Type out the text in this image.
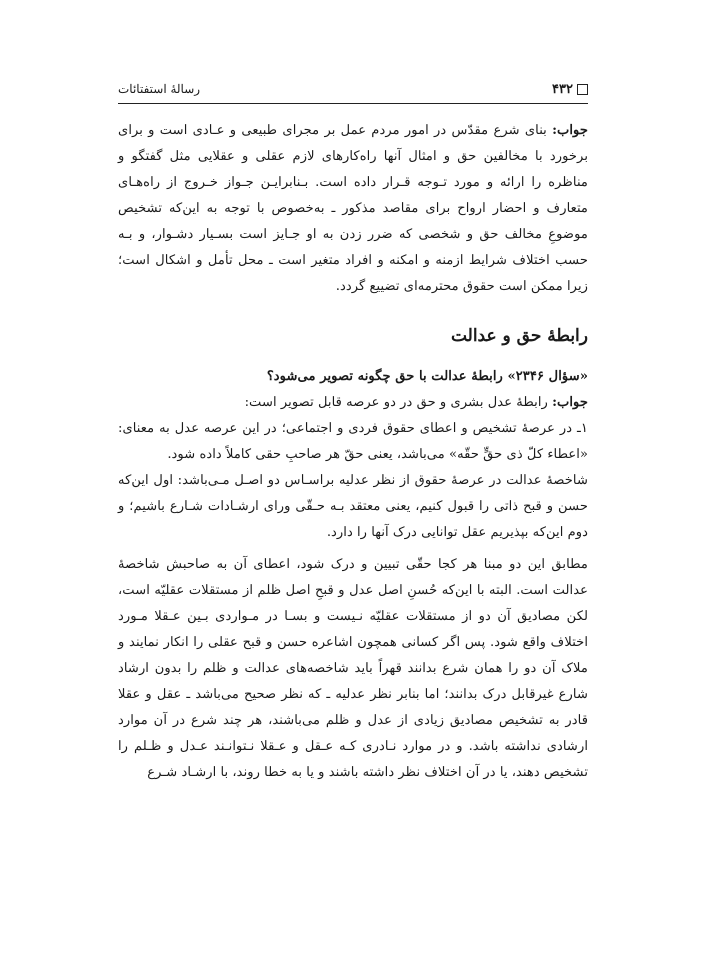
۴۳۲
رسالهٔ استفتائات

جواب: بنای شرع مقدّس در امور مردم عمل بر مجرای طبیعی و عـادی است و برای برخورد با مخالفین حق و امثال آنها راه‌کارهای لازم عقلی و عقلایی مثل گفتگو و مناظره را ارائه و مورد تـوجه قـرار داده است. بـنابرایـن جـواز خـروج از راه‌هـای متعارف و احضار ارواح برای مقاصد مذکور ـ به‌خصوص با توجه به این‌که تشخیص موضوعِ مخالف حق و شخصی که ضرر زدن به او جـایز است بسـیار دشـوار، و بـه حسب اختلاف شرایط ازمنه و امکنه و افراد متغیر است ـ محل تأمل و اشکال است؛ زیرا ممکن است حقوق محترمه‌ای تضییع گردد.

رابطهٔ حق و عدالت

«سؤال ۲۳۴۶» رابطهٔ عدالت با حق چگونه تصویر می‌شود؟

جواب: رابطهٔ عدل بشری و حق در دو عرصه قابل تصویر است:

۱ـ در عرصهٔ تشخیص و اعطای حقوق فردی و اجتماعی؛ در این عرصه عدل به معنای: «اعطاء کلّ ذی حقٍّ حقّه» می‌باشد، یعنی حقّ هر صاحبِ حقی کاملاً داده شود.

شاخصهٔ عدالت در عرصهٔ حقوق از نظر عدلیه براسـاس دو اصـل مـی‌باشد: اول این‌که حسن و قبح ذاتی را قبول کنیم، یعنی معتقد بـه حـقّی ورای ارشـادات شـارع باشیم؛ و دوم این‌که بپذیریم عقل توانایی درک آنها را دارد.

مطابق این دو مبنا هر کجا حقّی تبیین و درک شود، اعطای آن به صاحبش شاخصهٔ عدالت است. البته با این‌که حُسنِ اصل عدل و قبحِ اصل ظلم از مستقلات عقلیّه است، لکن مصادیق آن دو از مستقلات عقلیّه نـیست و بسـا در مـواردی بـین عـقلا مـورد اختلاف واقع شود. پس اگر کسانی همچون اشاعره حسن و قبح عقلی را انکار نمایند و ملاک آن دو را همان شرع بدانند قهراً باید شاخصه‌های عدالت و ظلم را بدون ارشاد شارع غیرقابل درک بدانند؛ اما بنابر نظر عدلیه ـ که نظر صحیح می‌باشد ـ عقل و عقلا قادر به تشخیص مصادیق زیادی از عدل و ظلم می‌باشند، هر چند شرع در آن موارد ارشادی نداشته باشد. و در موارد نـادری کـه عـقل و عـقلا نـتوانـند عـدل و ظـلم را تشخیص دهند، یا در آن اختلاف نظر داشته باشند و یا به خطا روند، با ارشـاد شـرع
